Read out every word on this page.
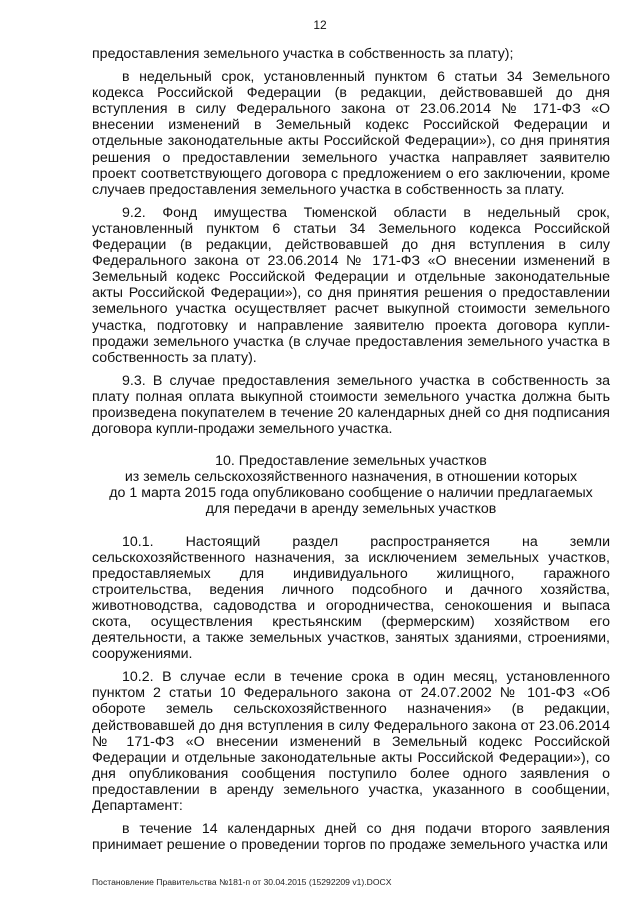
12

предоставления земельного участка в собственность за плату);

в недельный срок, установленный пунктом 6 статьи 34 Земельного кодекса Российской Федерации (в редакции, действовавшей до дня вступления в силу Федерального закона от 23.06.2014 № 171-ФЗ «О внесении изменений в Земельный кодекс Российской Федерации и отдельные законодательные акты Российской Федерации»), со дня принятия решения о предоставлении земельного участка направляет заявителю проект соответствующего договора с предложением о его заключении, кроме случаев предоставления земельного участка в собственность за плату.

9.2. Фонд имущества Тюменской области в недельный срок, установленный пунктом 6 статьи 34 Земельного кодекса Российской Федерации (в редакции, действовавшей до дня вступления в силу Федерального закона от 23.06.2014 № 171-ФЗ «О внесении изменений в Земельный кодекс Российской Федерации и отдельные законодательные акты Российской Федерации»), со дня принятия решения о предоставлении земельного участка осуществляет расчет выкупной стоимости земельного участка, подготовку и направление заявителю проекта договора купли-продажи земельного участка (в случае предоставления земельного участка в собственность за плату).

9.3. В случае предоставления земельного участка в собственность за плату полная оплата выкупной стоимости земельного участка должна быть произведена покупателем в течение 20 календарных дней со дня подписания договора купли-продажи земельного участка.

10. Предоставление земельных участков
из земель сельскохозяйственного назначения, в отношении которых
до 1 марта 2015 года опубликовано сообщение о наличии предлагаемых
для передачи в аренду земельных участков

10.1. Настоящий раздел распространяется на земли сельскохозяйственного назначения, за исключением земельных участков, предоставляемых для индивидуального жилищного, гаражного строительства, ведения личного подсобного и дачного хозяйства, животноводства, садоводства и огородничества, сенокошения и выпаса скота, осуществления крестьянским (фермерским) хозяйством его деятельности, а также земельных участков, занятых зданиями, строениями, сооружениями.

10.2. В случае если в течение срока в один месяц, установленного пунктом 2 статьи 10 Федерального закона от 24.07.2002 № 101-ФЗ «Об обороте земель сельскохозяйственного назначения» (в редакции, действовавшей до дня вступления в силу Федерального закона от 23.06.2014 № 171-ФЗ «О внесении изменений в Земельный кодекс Российской Федерации и отдельные законодательные акты Российской Федерации»), со дня опубликования сообщения поступило более одного заявления о предоставлении в аренду земельного участка, указанного в сообщении, Департамент:

в течение 14 календарных дней со дня подачи второго заявления принимает решение о проведении торгов по продаже земельного участка или

Постановление Правительства №181-п от 30.04.2015 (15292209 v1).DOCX
